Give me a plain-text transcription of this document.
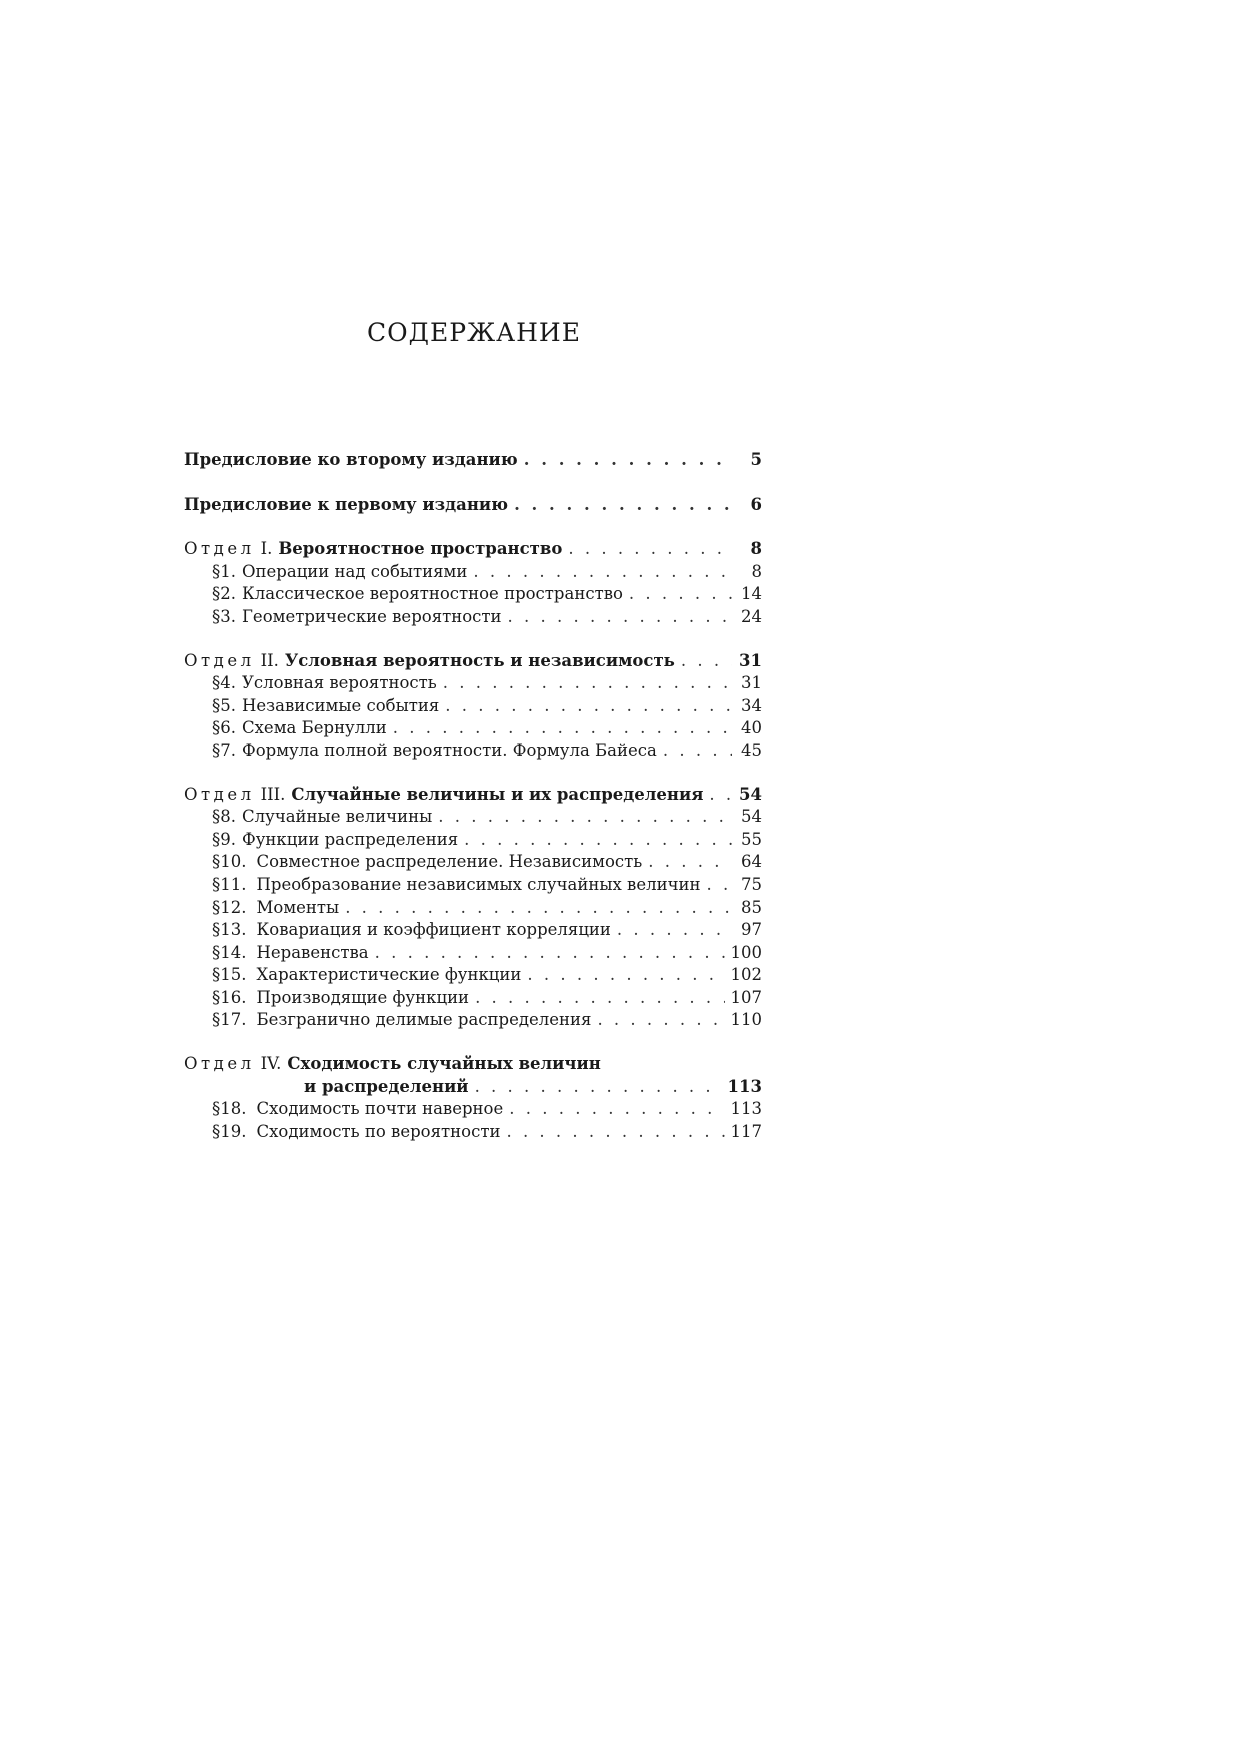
СОДЕРЖАНИЕ
Предисловие ко второму изданию . . .	5
Предисловие к первому изданию . . .	6
Отдел I. Вероятностное пространство . . .	8
§ 1. Операции над событиями . . .	8
§ 2. Классическое вероятностное пространство . . .	14
§ 3. Геометрические вероятности . . .	24
Отдел II. Условная вероятность и независимость . . .	31
§ 4. Условная вероятность . . .	31
§ 5. Независимые события . . .	34
§ 6. Схема Бернулли . . .	40
§ 7. Формула полной вероятности. Формула Байеса . . .	45
Отдел III. Случайные величины и их распределения . . . 54
§ 8. Случайные величины . . .	54
§ 9. Функции распределения . . .	55
§ 10. Совместное распределение. Независимость . . .	64
§ 11. Преобразование независимых случайных величин . . . 75
§ 12. Моменты . . .	85
§ 13. Ковариация и коэффициент корреляции . . .	97
§ 14. Неравенства . . .	100
§ 15. Характеристические функции . . .	102
§ 16. Производящие функции . . .	107
§ 17. Безгранично делимые распределения . . .	110
Отдел IV. Сходимость случайных величин
и распределений . . .	113
§ 18. Сходимость почти наверное . . .	113
§ 19. Сходимость по вероятности . . .	117
